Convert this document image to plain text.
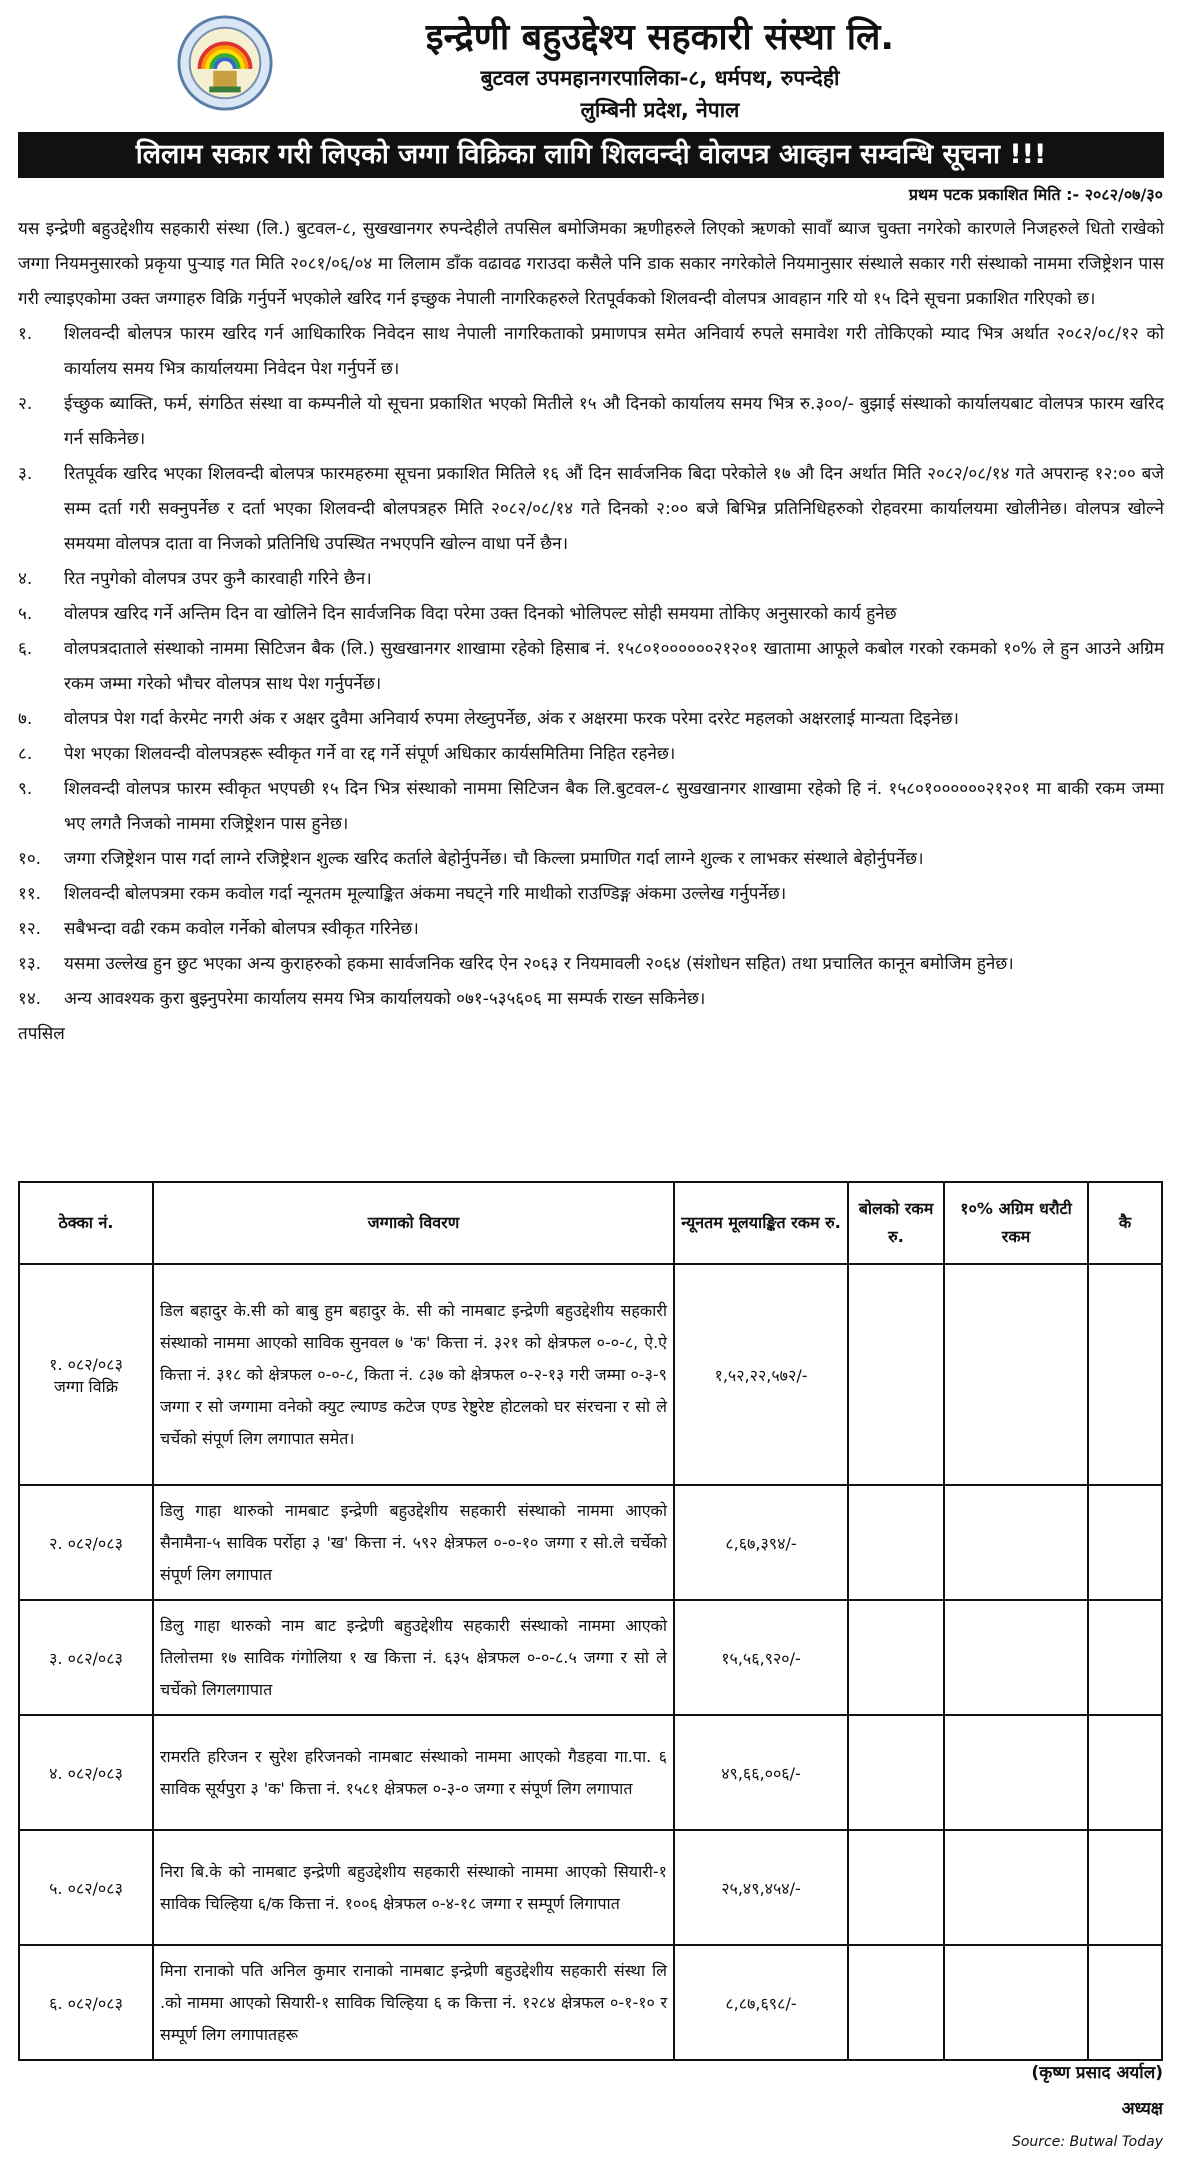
इन्द्रेणी बहुउद्देश्य सहकारी संस्था लि.
बुटवल उपमहानगरपालिका-८, धर्मपथ, रुपन्देही
लुम्बिनी प्रदेश, नेपाल
लिलाम सकार गरी लिएको जग्गा विक्रिका लागि शिलवन्दी वोलपत्र आव्हान सम्वन्धि सूचना !!!
प्रथम पटक प्रकाशित मिति :- २०८२/०७/३०

यस इन्द्रेणी बहुउद्देशीय सहकारी संस्था (लि.) बुटवल-८, सुखखानगर रुपन्देहीले तपसिल बमोजिमका ऋणीहरुले लिएको ऋणको सावाँ ब्याज चुक्ता नगरेको कारणले निजहरुले धितो राखेको जग्गा नियमनुसारको प्रकृया पुऱ्याइ गत मिति २०८१/०६/०४ मा लिलाम डाँक वढावढ गराउदा कसैले पनि डाक सकार नगरेकोले नियमानुसार संस्थाले सकार गरी संस्थाको नाममा रजिष्ट्रेशन पास गरी ल्याइएकोमा उक्त जग्गाहरु विक्रि गर्नुपर्ने भएकोले खरिद गर्न इच्छुक नेपाली नागरिकहरुले रितपूर्वकको शिलवन्दी वोलपत्र आवहान गरि यो १५ दिने सूचना प्रकाशित गरिएको छ।

१.	शिलवन्दी बोलपत्र फारम खरिद गर्न आधिकारिक निवेदन साथ नेपाली नागरिकताको प्रमाणपत्र समेत अनिवार्य रुपले समावेश गरी तोकिएको म्याद भित्र अर्थात २०८२/०८/१२ को कार्यालय समय भित्र कार्यालयमा निवेदन पेश गर्नुपर्ने छ।
२.	ईच्छुक ब्याक्ति, फर्म, संगठित संस्था वा कम्पनीले यो सूचना प्रकाशित भएको मितीले १५ औ दिनको कार्यालय समय भित्र रु.३००/- बुझाई संस्थाको कार्यालयबाट वोलपत्र फारम खरिद गर्न सकिनेछ।
३.	रितपूर्वक खरिद भएका शिलवन्दी बोलपत्र फारमहरुमा सूचना प्रकाशित मितिले १६ औं दिन सार्वजनिक बिदा परेकोले १७ औ दिन अर्थात मिति २०८२/०८/१४ गते अपरान्ह १२:०० बजे सम्म दर्ता गरी सक्नुपर्नेछ र दर्ता भएका शिलवन्दी बोलपत्रहरु मिति २०८२/०८/१४ गते दिनको २:०० बजे बिभिन्न प्रतिनिधिहरुको रोहवरमा कार्यालयमा खोलीनेछ। वोलपत्र खोल्ने समयमा वोलपत्र दाता वा निजको प्रतिनिधि उपस्थित नभएपनि खोल्न वाधा पर्ने छैन।
४.	रित नपुगेको वोलपत्र उपर कुनै कारवाही गरिने छैन।
५.	वोलपत्र खरिद गर्ने अन्तिम दिन वा खोलिने दिन सार्वजनिक विदा परेमा उक्त दिनको भोलिपल्ट सोही समयमा तोकिए अनुसारको कार्य हुनेछ
६.	वोलपत्रदाताले संस्थाको नाममा सिटिजन बैक (लि.) सुखखानगर शाखामा रहेको हिसाब नं. १५८०१००००००२१२०१ खातामा आफूले कबोल गरको रकमको १०% ले हुन आउने अग्रिम रकम जम्मा गरेको भौचर वोलपत्र साथ पेश गर्नुपर्नेछ।
७.	वोलपत्र पेश गर्दा केरमेट नगरी अंक र अक्षर दुवैमा अनिवार्य रुपमा लेख्नुपर्नेछ, अंक र अक्षरमा फरक परेमा दररेट महलको अक्षरलाई मान्यता दिइनेछ।
८.	पेश भएका शिलवन्दी वोलपत्रहरू स्वीकृत गर्ने वा रद्द गर्ने संपूर्ण अधिकार कार्यसमितिमा निहित रहनेछ।
९.	शिलवन्दी वोलपत्र फारम स्वीकृत भएपछी १५ दिन भित्र संस्थाको नाममा सिटिजन बैक लि.बुटवल-८ सुखखानगर शाखामा रहेको हि नं. १५८०१००००००२१२०१ मा बाकी रकम जम्मा भए लगतै निजको नाममा रजिष्ट्रेशन पास हुनेछ।
१०.	जग्गा रजिष्ट्रेशन पास गर्दा लाग्ने रजिष्ट्रेशन शुल्क खरिद कर्ताले बेहोर्नुपर्नेछ। चौ किल्ला प्रमाणित गर्दा लाग्ने शुल्क र लाभकर संस्थाले बेहोर्नुपर्नेछ।
११.	शिलवन्दी बोलपत्रमा रकम कवोल गर्दा न्यूनतम मूल्याङ्कित अंकमा नघट्ने गरि माथीको राउण्डिङ्ग अंकमा उल्लेख गर्नुपर्नेछ।
१२.	सबैभन्दा वढी रकम कवोल गर्नेको बोलपत्र स्वीकृत गरिनेछ।
१३.	यसमा उल्लेख हुन छुट भएका अन्य कुराहरुको हकमा सार्वजनिक खरिद ऐन २०६३ र नियमावली २०६४ (संशोधन सहित) तथा प्रचालित कानून बमोजिम हुनेछ।
१४.	अन्य आवश्यक कुरा बुझ्नुपरेमा कार्यालय समय भित्र कार्यालयको ०७१-५३५६०६ मा सम्पर्क राख्न सकिनेछ।

तपसिल

ठेक्का नं.	जग्गाको विवरण	न्यूनतम मूलयाङ्कित रकम रु.	बोलको रकम रु.	१०% अग्रिम धरौटी रकम	कै

१. ०८२/०८३
जग्गा विक्रि	डिल बहादुर के.सी को बाबु हुम बहादुर के. सी को नामबाट इन्द्रेणी बहुउद्देशीय सहकारी संस्थाको नाममा आएको साविक सुनवल ७ 'क' कित्ता नं. ३२१ को क्षेत्रफल ०-०-८, ऐ.ऐ कित्ता नं. ३१८ को क्षेत्रफल ०-०-८, किता नं. ८३७ को क्षेत्रफल ०-२-१३ गरी जम्मा ०-३-९ जग्गा र सो जग्गामा वनेको क्युट ल्याण्ड कटेज एण्ड रेष्टुरेष्ट होटलको घर संरचना र सो ले चर्चेको संपूर्ण लिग लगापात समेत।	१,५२,२२,५७२/-			

२. ०८२/०८३	डिलु गाहा थारुको नामबाट इन्द्रेणी बहुउद्देशीय सहकारी संस्थाको नाममा आएको सैनामैना-५ साविक पर्रोहा ३ 'ख' कित्ता नं. ५९२ क्षेत्रफल ०-०-१० जग्गा र सो.ले चर्चेको संपूर्ण लिग लगापात	८,६७,३९४/-			

३. ०८२/०८३	डिलु गाहा थारुको नाम बाट इन्द्रेणी बहुउद्देशीय सहकारी संस्थाको नाममा आएको तिलोत्तमा १७ साविक गंगोलिया १ ख कित्ता नं. ६३५ क्षेत्रफल ०-०-८.५ जग्गा र सो ले चर्चेको लिगलगापात	१५,५६,९२०/-			

४. ०८२/०८३	रामरति हरिजन र सुरेश हरिजनको नामबाट संस्थाको नाममा आएको गैडहवा गा.पा. ६ साविक सूर्यपुरा ३ 'क' कित्ता नं. १५८१ क्षेत्रफल ०-३-० जग्गा र संपूर्ण लिग लगापात	४९,६६,००६/-			

५. ०८२/०८३	निरा बि.के को नामबाट इन्द्रेणी बहुउद्देशीय सहकारी संस्थाको नाममा आएको सियारी-१ साविक चिल्हिया ६/क कित्ता नं. १००६ क्षेत्रफल ०-४-१८ जग्गा र सम्पूर्ण लिगापात	२५,४९,४५४/-			

६. ०८२/०८३	मिना रानाको पति अनिल कुमार रानाको नामबाट इन्द्रेणी बहुउद्देशीय सहकारी संस्था लि .को नाममा आएको सियारी-१ साविक चिल्हिया ६ क कित्ता नं. १२८४ क्षेत्रफल ०-१-१० र सम्पूर्ण लिग लगापातहरू	८,८७,६९८/-			
(कृष्ण प्रसाद अर्याल)
अध्यक्ष
Source: Butwal Today
